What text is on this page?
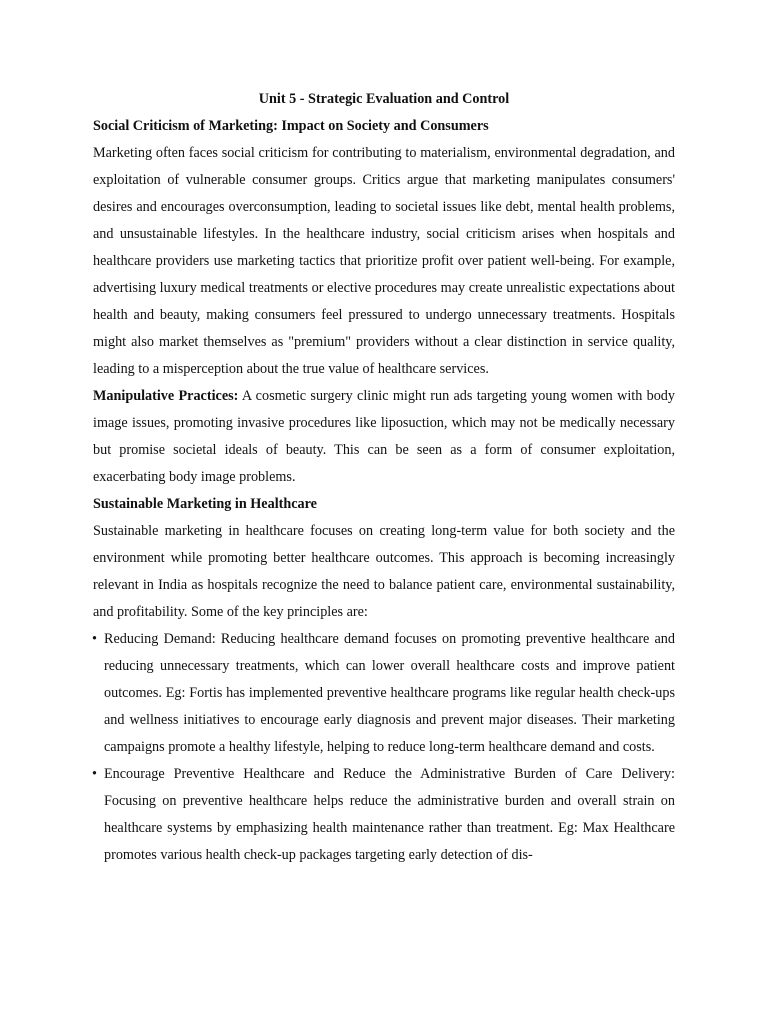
Unit 5 - Strategic Evaluation and Control

Social Criticism of Marketing: Impact on Society and Consumers

Marketing often faces social criticism for contributing to materialism, environmental degradation, and exploitation of vulnerable consumer groups. Critics argue that marketing manipulates consumers' desires and encourages overconsumption, leading to societal issues like debt, mental health problems, and unsustainable lifestyles. In the healthcare industry, social criticism arises when hospitals and healthcare providers use marketing tactics that prioritize profit over patient well-being. For example, advertising luxury medical treatments or elective procedures may create unrealistic expectations about health and beauty, making consumers feel pressured to undergo unnecessary treatments. Hospitals might also market themselves as "premium" providers without a clear distinction in service quality, leading to a misperception about the true value of healthcare services.

Manipulative Practices: A cosmetic surgery clinic might run ads targeting young women with body image issues, promoting invasive procedures like liposuction, which may not be medically necessary but promise societal ideals of beauty. This can be seen as a form of consumer exploitation, exacerbating body image problems.

Sustainable Marketing in Healthcare

Sustainable marketing in healthcare focuses on creating long-term value for both society and the environment while promoting better healthcare outcomes. This approach is becoming increasingly relevant in India as hospitals recognize the need to balance patient care, environmental sustainability, and profitability. Some of the key principles are:

• Reducing Demand: Reducing healthcare demand focuses on promoting preventive healthcare and reducing unnecessary treatments, which can lower overall healthcare costs and improve patient outcomes. Eg: Fortis has implemented preventive healthcare programs like regular health check-ups and wellness initiatives to encourage early diagnosis and prevent major diseases. Their marketing campaigns promote a healthy lifestyle, helping to reduce long-term healthcare demand and costs.
• Encourage Preventive Healthcare and Reduce the Administrative Burden of Care Delivery: Focusing on preventive healthcare helps reduce the administrative burden and overall strain on healthcare systems by emphasizing health maintenance rather than treatment. Eg: Max Healthcare promotes various health check-up packages targeting early detection of dis-
